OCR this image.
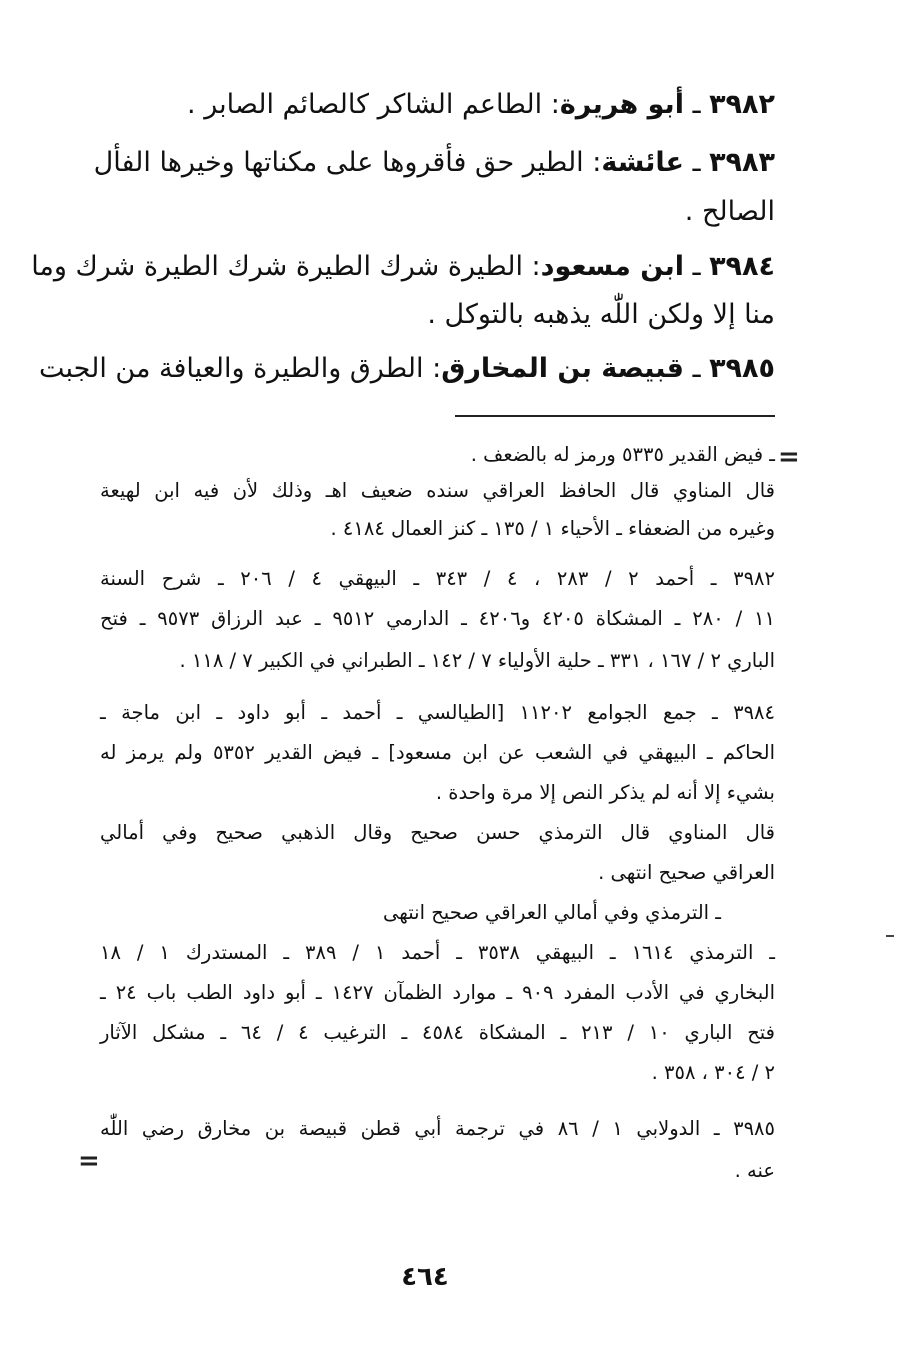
٣٩٨٢ ـ أبو هريرة: الطاعم الشاكر كالصائم الصابر .
٣٩٨٣ ـ عائشة: الطير حق فأقروها على مكناتها وخيرها الفأل
الصالح .
٣٩٨٤ ـ ابن مسعود: الطيرة شرك الطيرة شرك الطيرة شرك وما
منا إلا ولكن اللّٰه يذهبه بالتوكل .
٣٩٨٥ ـ قبيصة بن المخارق: الطرق والطيرة والعيافة من الجبت
=
=
ـ فيض القدير ٥٣٣٥ ورمز له بالضعف .
قال المناوي قال الحافظ العراقي سنده ضعيف اهـ وذلك لأن فيه ابن لهيعة
وغيره من الضعفاء ـ الأحياء ١ / ١٣٥ ـ كنز العمال ٤١٨٤ .
٣٩٨٢ ـ أحمد ٢ / ٢٨٣ ، ٤ / ٣٤٣ ـ البيهقي ٤ / ٢٠٦ ـ شرح السنة
١١ / ٢٨٠ ـ المشكاة ٤٢٠٥ و٤٢٠٦ ـ الدارمي ٩٥١٢ ـ عبد الرزاق ٩٥٧٣ ـ فتح
الباري ٢ / ١٦٧ ، ٣٣١ ـ حلية الأولياء ٧ / ١٤٢ ـ الطبراني في الكبير ٧ / ١١٨ .
٣٩٨٤ ـ جمع الجوامع ١١٢٠٢ [الطيالسي ـ أحمد ـ أبو داود ـ ابن ماجة ـ
الحاكم ـ البيهقي في الشعب عن ابن مسعود] ـ فيض القدير ٥٣٥٢ ولم يرمز له
بشيء إلا أنه لم يذكر النص إلا مرة واحدة .
قال المناوي قال الترمذي حسن صحيح وقال الذهبي صحيح وفي أمالي
العراقي صحيح انتهى .
ـ الترمذي وفي أمالي العراقي صحيح انتهى
ـ الترمذي ١٦١٤ ـ البيهقي ٣٥٣٨ ـ أحمد ١ / ٣٨٩ ـ المستدرك ١ / ١٨
البخاري في الأدب المفرد ٩٠٩ ـ موارد الظمآن ١٤٢٧ ـ أبو داود الطب باب ٢٤ ـ
فتح الباري ١٠ / ٢١٣ ـ المشكاة ٤٥٨٤ ـ الترغيب ٤ / ٦٤ ـ مشكل الآثار
٢ / ٣٠٤ ، ٣٥٨ .
٣٩٨٥ ـ الدولابي ١ / ٨٦ في ترجمة أبي قطن قبيصة بن مخارق رضي اللّٰه
عنه .
٤٦٤
